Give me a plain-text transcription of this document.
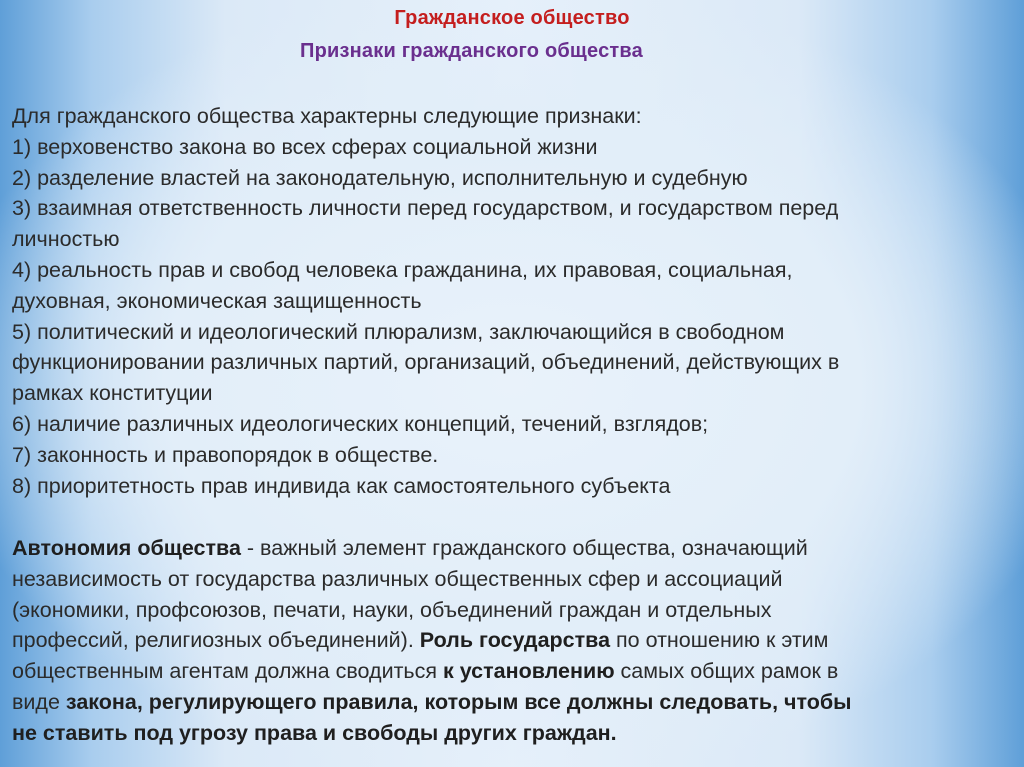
Гражданское общество
Признаки гражданского общества
Для гражданского общества характерны следующие признаки:
1) верховенство закона во всех сферах социальной жизни
2) разделение властей на законодательную, исполнительную и судебную
3) взаимная ответственность личности перед государством, и государством перед
личностью
4) реальность прав и свобод человека гражданина, их правовая, социальная,
духовная, экономическая защищенность
5) политический и идеологический плюрализм, заключающийся в свободном
функционировании различных партий, организаций, объединений, действующих в
рамках конституции
6) наличие различных идеологических концепций, течений, взглядов;
7) законность и правопорядок в обществе.
8) приоритетность прав индивида как самостоятельного субъекта
Автономия общества - важный элемент гражданского общества, означающий
независимость от государства различных общественных сфер и ассоциаций
(экономики, профсоюзов, печати, науки, объединений граждан и отдельных
профессий, религиозных объединений). Роль государства по отношению к этим
общественным агентам должна сводиться к установлению самых общих рамок в
виде закона, регулирующего правила, которым все должны следовать, чтобы
не ставить под угрозу права и свободы других граждан.
